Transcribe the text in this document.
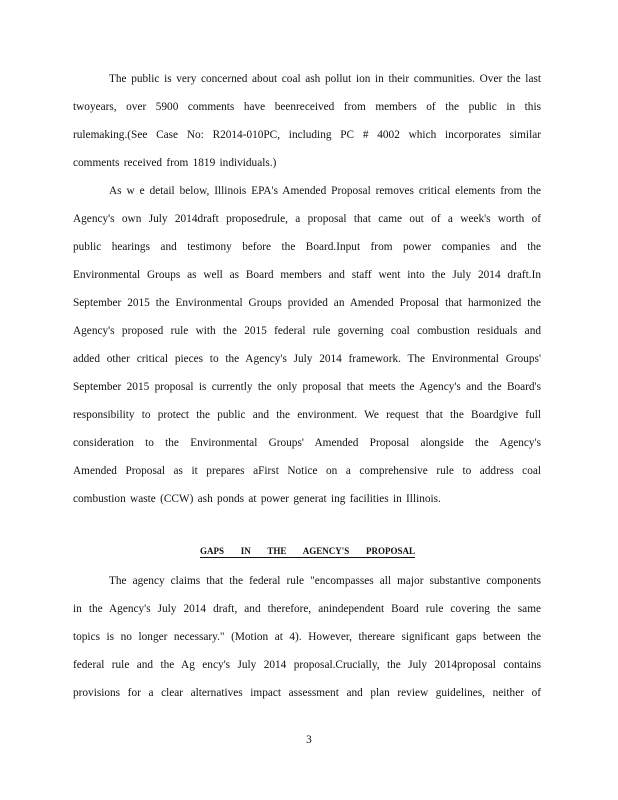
The public is very concerned about coal ash pollut ion in their communities. Over the last
twoyears, over 5900 comments have beenreceived from members of the public in this
rulemaking.(See Case No: R2014-010PC, including PC # 4002 which incorporates similar
comments received from 1819 individuals.)
As w e detail below, Illinois EPA's Amended Proposal removes critical elements from the
Agency's own July 2014draft proposedrule, a proposal that came out of a week's worth of
public hearings and testimony before the Board.Input from power companies and the
Environmental Groups as well as Board members and staff went into the July 2014 draft.In
September 2015 the Environmental Groups provided an Amended Proposal that harmonized the
Agency's proposed rule with the 2015 federal rule governing coal combustion residuals and
added other critical pieces to the Agency's July 2014 framework. The Environmental Groups'
September 2015 proposal is currently the only proposal that meets the Agency's and the Board's
responsibility to protect the public and the environment. We request that the Boardgive full
consideration to the Environmental Groups' Amended Proposal alongside the Agency's
Amended Proposal as it prepares aFirst Notice on a comprehensive rule to address coal
combustion waste (CCW) ash ponds at power generat ing facilities in Illinois.
GAPS IN THE AGENCY'S PROPOSAL
The agency claims that the federal rule "encompasses all major substantive components
in the Agency's July 2014 draft, and therefore, anindependent Board rule covering the same
topics is no longer necessary." (Motion at 4). However, thereare significant gaps between the
federal rule and the Ag ency's July 2014 proposal.Crucially, the July 2014proposal contains
provisions for a clear alternatives impact assessment and plan review guidelines, neither of
3
